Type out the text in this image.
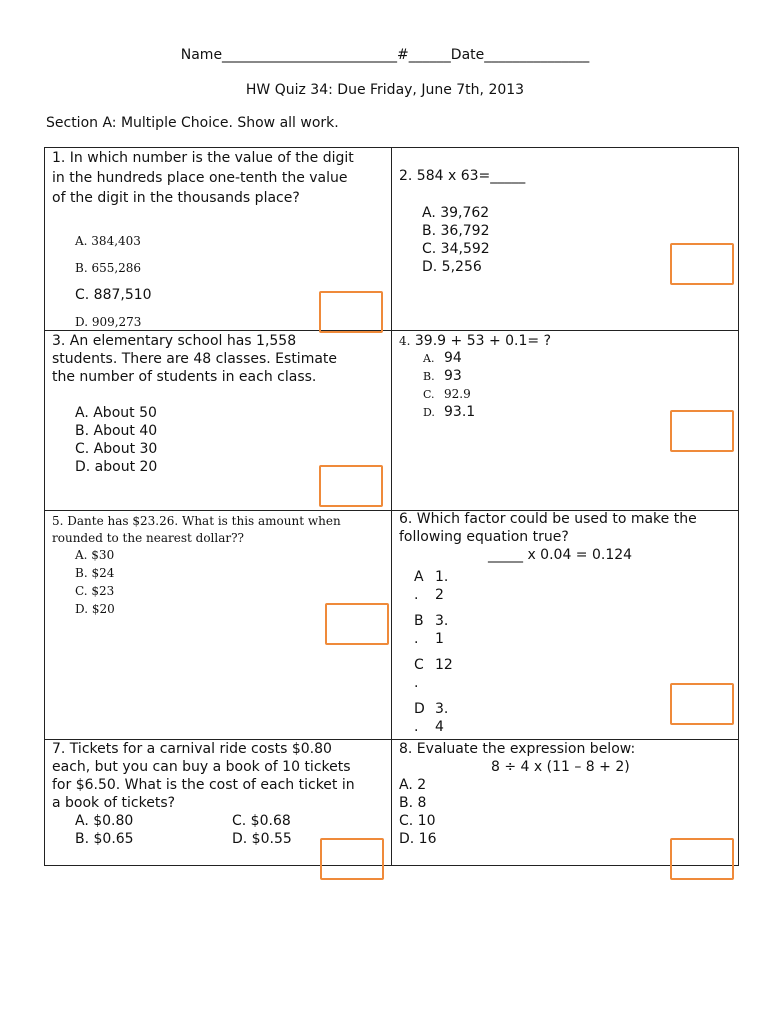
Name_________________________#______Date_______________
HW Quiz 34: Due Friday, June 7th, 2013
Section A: Multiple Choice. Show all work.
1. In which number is the value of the digit
in the hundreds place one-tenth the value
of the digit in the thousands place?
A. 384,403
B. 655,286
C. 887,510
D. 909,273
2. 584 x 63=_____
A. 39,762
B. 36,792
C. 34,592
D. 5,256
3. An elementary school has 1,558
students. There are 48 classes. Estimate
the number of students in each class.
A. About 50
B. About 40
C. About 30
D. about 20
4. 39.9 + 53 + 0.1= ?
A. 94
B. 93
C. 92.9
D. 93.1
5. Dante has $23.26. What is this amount when
rounded to the nearest dollar??
A. $30
B. $24
C. $23
D. $20
6. Which factor could be used to make the
following equation true?
_____ x 0.04 = 0.124
A 1.
. 2
B 3.
. 1
C 12
.
D 3.
. 4
7. Tickets for a carnival ride costs $0.80
each, but you can buy a book of 10 tickets
for $6.50. What is the cost of each ticket in
a book of tickets?
A. $0.80	C. $0.68
B. $0.65	D. $0.55
8. Evaluate the expression below:
8 ÷ 4 x (11 – 8 + 2)
A. 2
B. 8
C. 10
D. 16
